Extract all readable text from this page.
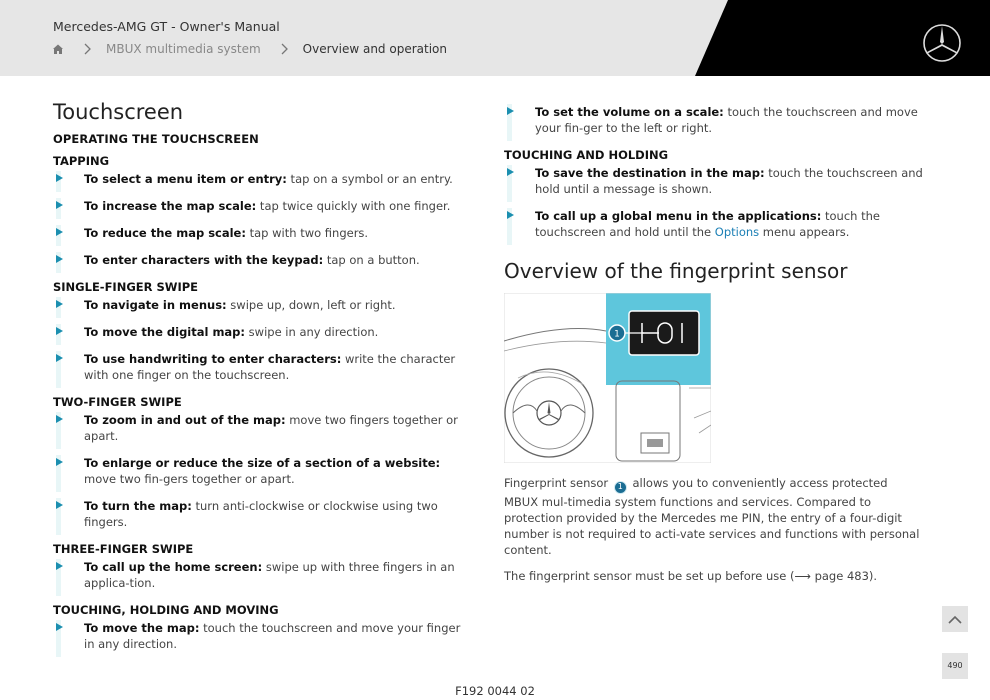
Mercedes-AMG GT - Owner's Manual
MBUX multimedia system	Overview and operation
Touchscreen
OPERATING THE TOUCHSCREEN
TAPPING
To select a menu item or entry: tap on a symbol or an entry.
To increase the map scale: tap twice quickly with one finger.
To reduce the map scale: tap with two fingers.
To enter characters with the keypad: tap on a button.
SINGLE-FINGER SWIPE
To navigate in menus: swipe up, down, left or right.
To move the digital map: swipe in any direction.
To use handwriting to enter characters: write the character with one finger on the touchscreen.
TWO-FINGER SWIPE
To zoom in and out of the map: move two fingers together or apart.
To enlarge or reduce the size of a section of a website: move two fin-gers together or apart.
To turn the map: turn anti-clockwise or clockwise using two fingers.
THREE-FINGER SWIPE
To call up the home screen: swipe up with three fingers in an applica-tion.
TOUCHING, HOLDING AND MOVING
To move the map: touch the touchscreen and move your finger in any direction.
To set the volume on a scale: touch the touchscreen and move your fin-ger to the left or right.
TOUCHING AND HOLDING
To save the destination in the map: touch the touchscreen and hold until a message is shown.
To call up a global menu in the applications: touch the touchscreen and hold until the Options menu appears.
Overview of the fingerprint sensor
1

Fingerprint sensor 1 allows you to conveniently access protected MBUX mul-timedia system functions and services. Compared to protection provided by the Mercedes me PIN, the entry of a four-digit number is not required to acti-vate services and functions with personal content.

The fingerprint sensor must be set up before use (⟶ page 483).

490
F192 0044 02
